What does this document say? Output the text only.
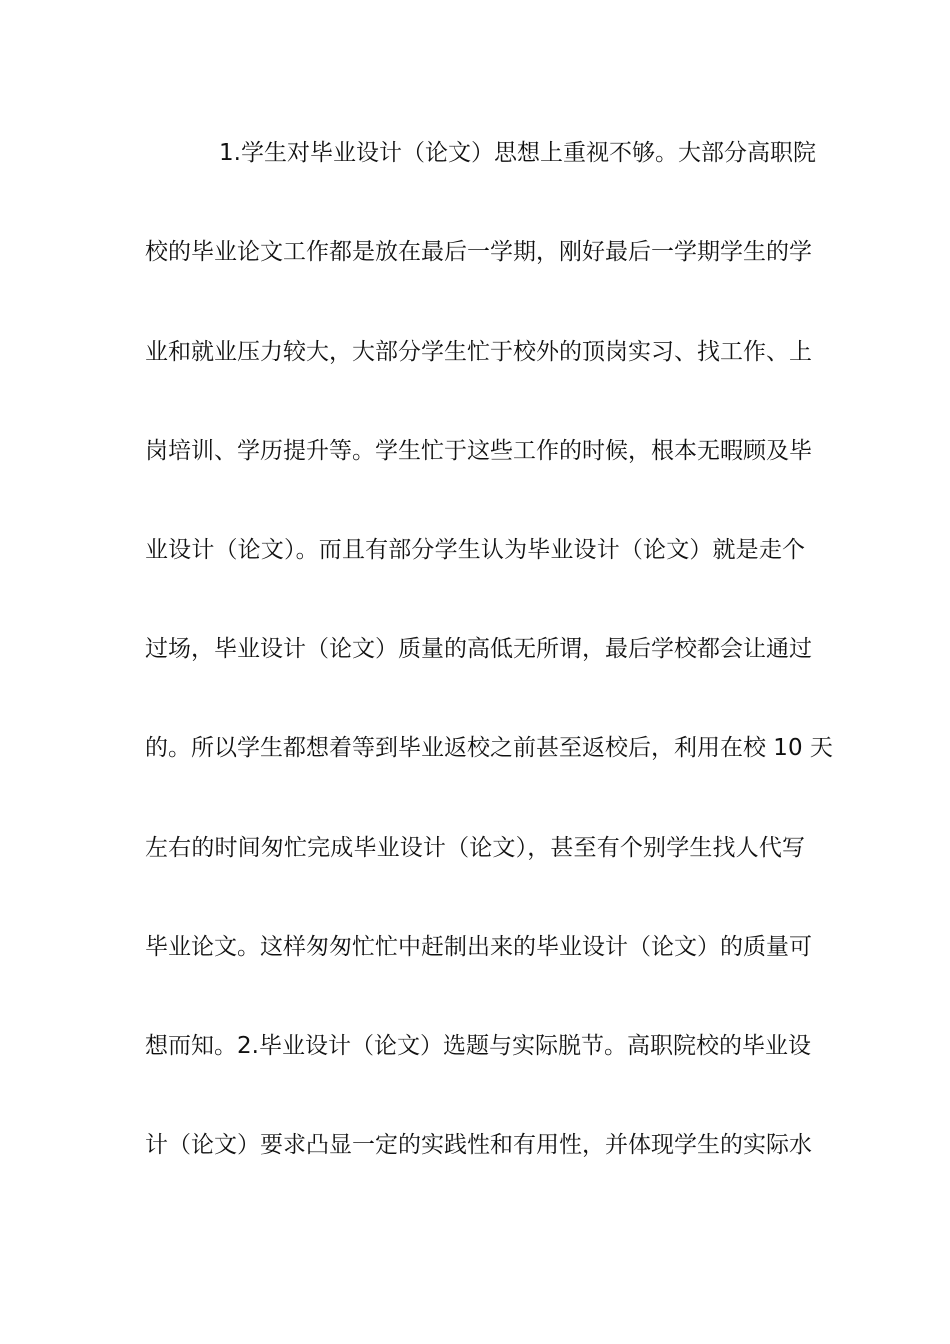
1.学生对毕业设计（论文）思想上重视不够。大部分高职院
校的毕业论文工作都是放在最后一学期，刚好最后一学期学生的学
业和就业压力较大，大部分学生忙于校外的顶岗实习、找工作、上
岗培训、学历提升等。学生忙于这些工作的时候，根本无暇顾及毕
业设计（论文）。而且有部分学生认为毕业设计（论文）就是走个
过场，毕业设计（论文）质量的高低无所谓，最后学校都会让通过
的。所以学生都想着等到毕业返校之前甚至返校后，利用在校 10 天
左右的时间匆忙完成毕业设计（论文），甚至有个别学生找人代写
毕业论文。这样匆匆忙忙中赶制出来的毕业设计（论文）的质量可
想而知。2.毕业设计（论文）选题与实际脱节。高职院校的毕业设
计（论文）要求凸显一定的实践性和有用性，并体现学生的实际水
